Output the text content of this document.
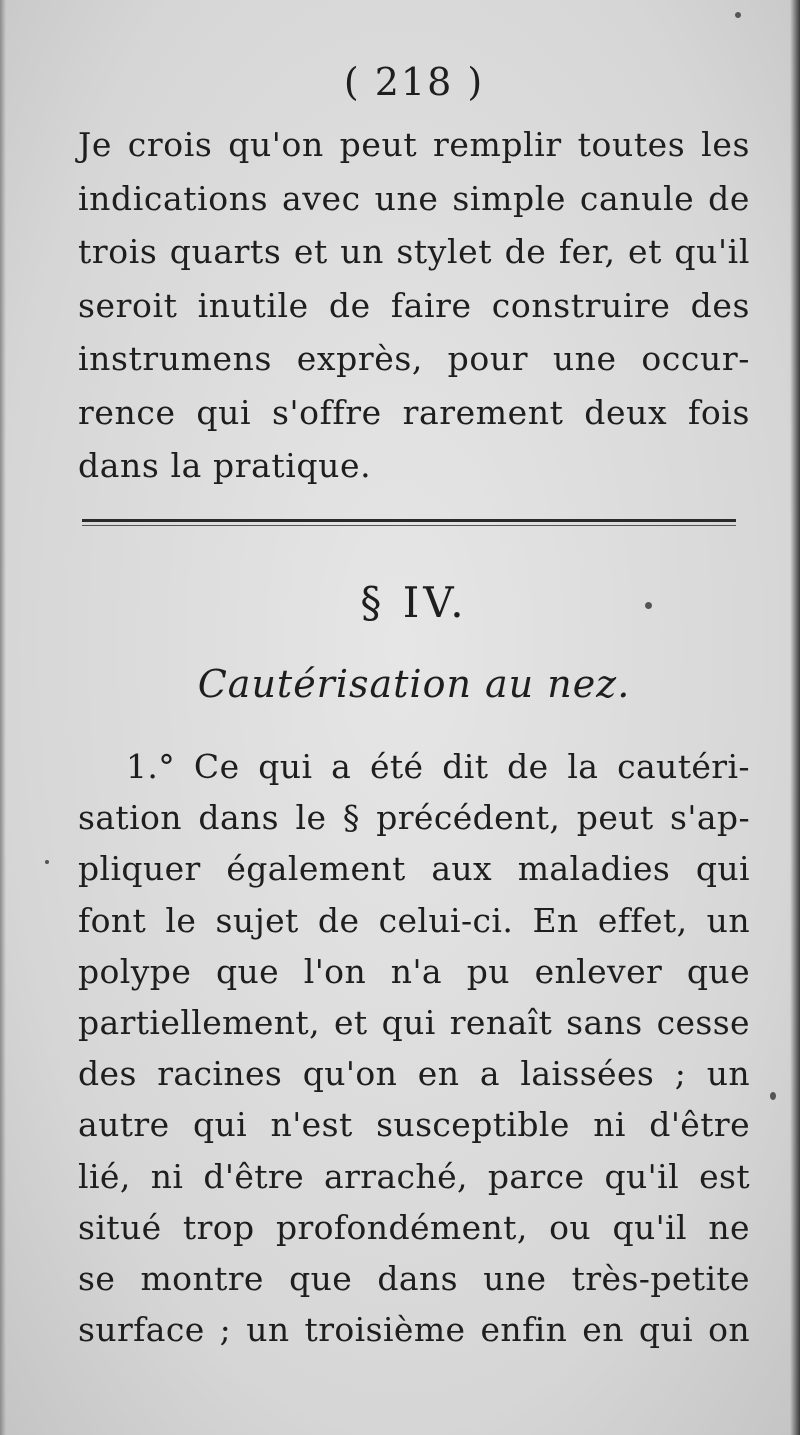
( 218 )
Je crois qu'on peut remplir toutes les
indications avec une simple canule de
trois quarts et un stylet de fer, et qu'il
seroit inutile de faire construire des
instrumens exprès, pour une occur-
rence qui s'offre rarement deux fois
dans la pratique.
§ IV.
Cautérisation au nez.
1.° Ce qui a été dit de la cautéri-
sation dans le § précédent, peut s'ap-
pliquer également aux maladies qui
font le sujet de celui-ci. En effet, un
polype que l'on n'a pu enlever que
partiellement, et qui renaît sans cesse
des racines qu'on en a laissées ; un
autre qui n'est susceptible ni d'être
lié, ni d'être arraché, parce qu'il est
situé trop profondément, ou qu'il ne
se montre que dans une très-petite
surface ; un troisième enfin en qui on
